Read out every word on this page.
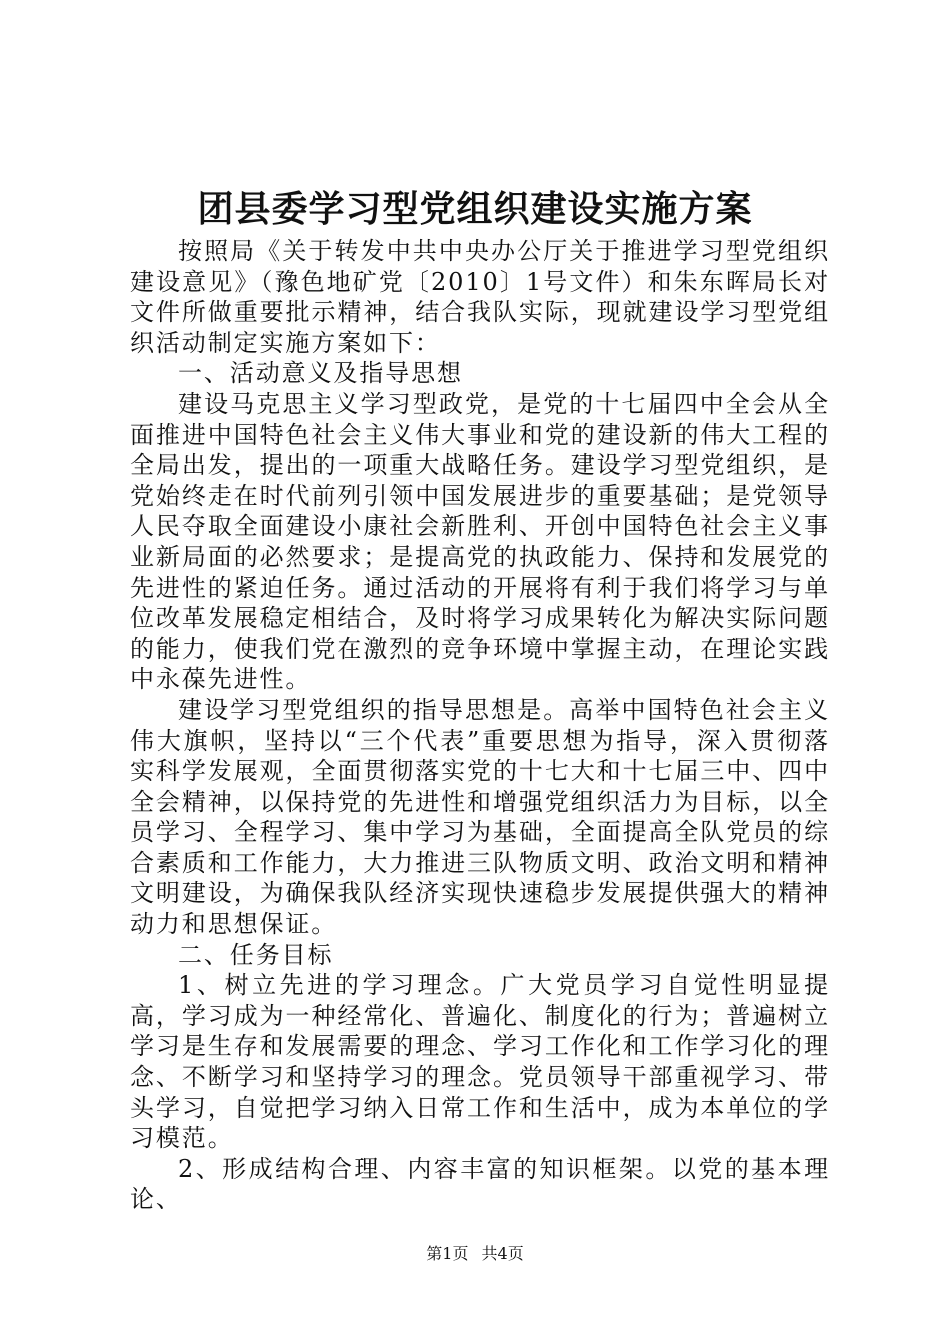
团县委学习型党组织建设实施方案

按照局《关于转发中共中央办公厅关于推进学习型党组织建设意见》（豫色地矿党〔2010〕1号文件）和朱东晖局长对文件所做重要批示精神，结合我队实际，现就建设学习型党组织活动制定实施方案如下：

一、活动意义及指导思想

建设马克思主义学习型政党，是党的十七届四中全会从全面推进中国特色社会主义伟大事业和党的建设新的伟大工程的全局出发，提出的一项重大战略任务。建设学习型党组织，是党始终走在时代前列引领中国发展进步的重要基础；是党领导人民夺取全面建设小康社会新胜利、开创中国特色社会主义事业新局面的必然要求；是提高党的执政能力、保持和发展党的先进性的紧迫任务。通过活动的开展将有利于我们将学习与单位改革发展稳定相结合，及时将学习成果转化为解决实际问题的能力，使我们党在激烈的竞争环境中掌握主动，在理论实践中永葆先进性。

建设学习型党组织的指导思想是。高举中国特色社会主义伟大旗帜，坚持以“三个代表”重要思想为指导，深入贯彻落实科学发展观，全面贯彻落实党的十七大和十七届三中、四中全会精神，以保持党的先进性和增强党组织活力为目标，以全员学习、全程学习、集中学习为基础，全面提高全队党员的综合素质和工作能力，大力推进三队物质文明、政治文明和精神文明建设，为确保我队经济实现快速稳步发展提供强大的精神动力和思想保证。

二、任务目标

1、树立先进的学习理念。广大党员学习自觉性明显提高，学习成为一种经常化、普遍化、制度化的行为；普遍树立学习是生存和发展需要的理念、学习工作化和工作学习化的理念、不断学习和坚持学习的理念。党员领导干部重视学习、带头学习，自觉把学习纳入日常工作和生活中，成为本单位的学习模范。

2、形成结构合理、内容丰富的知识框架。以党的基本理论、

第1页 共4页
